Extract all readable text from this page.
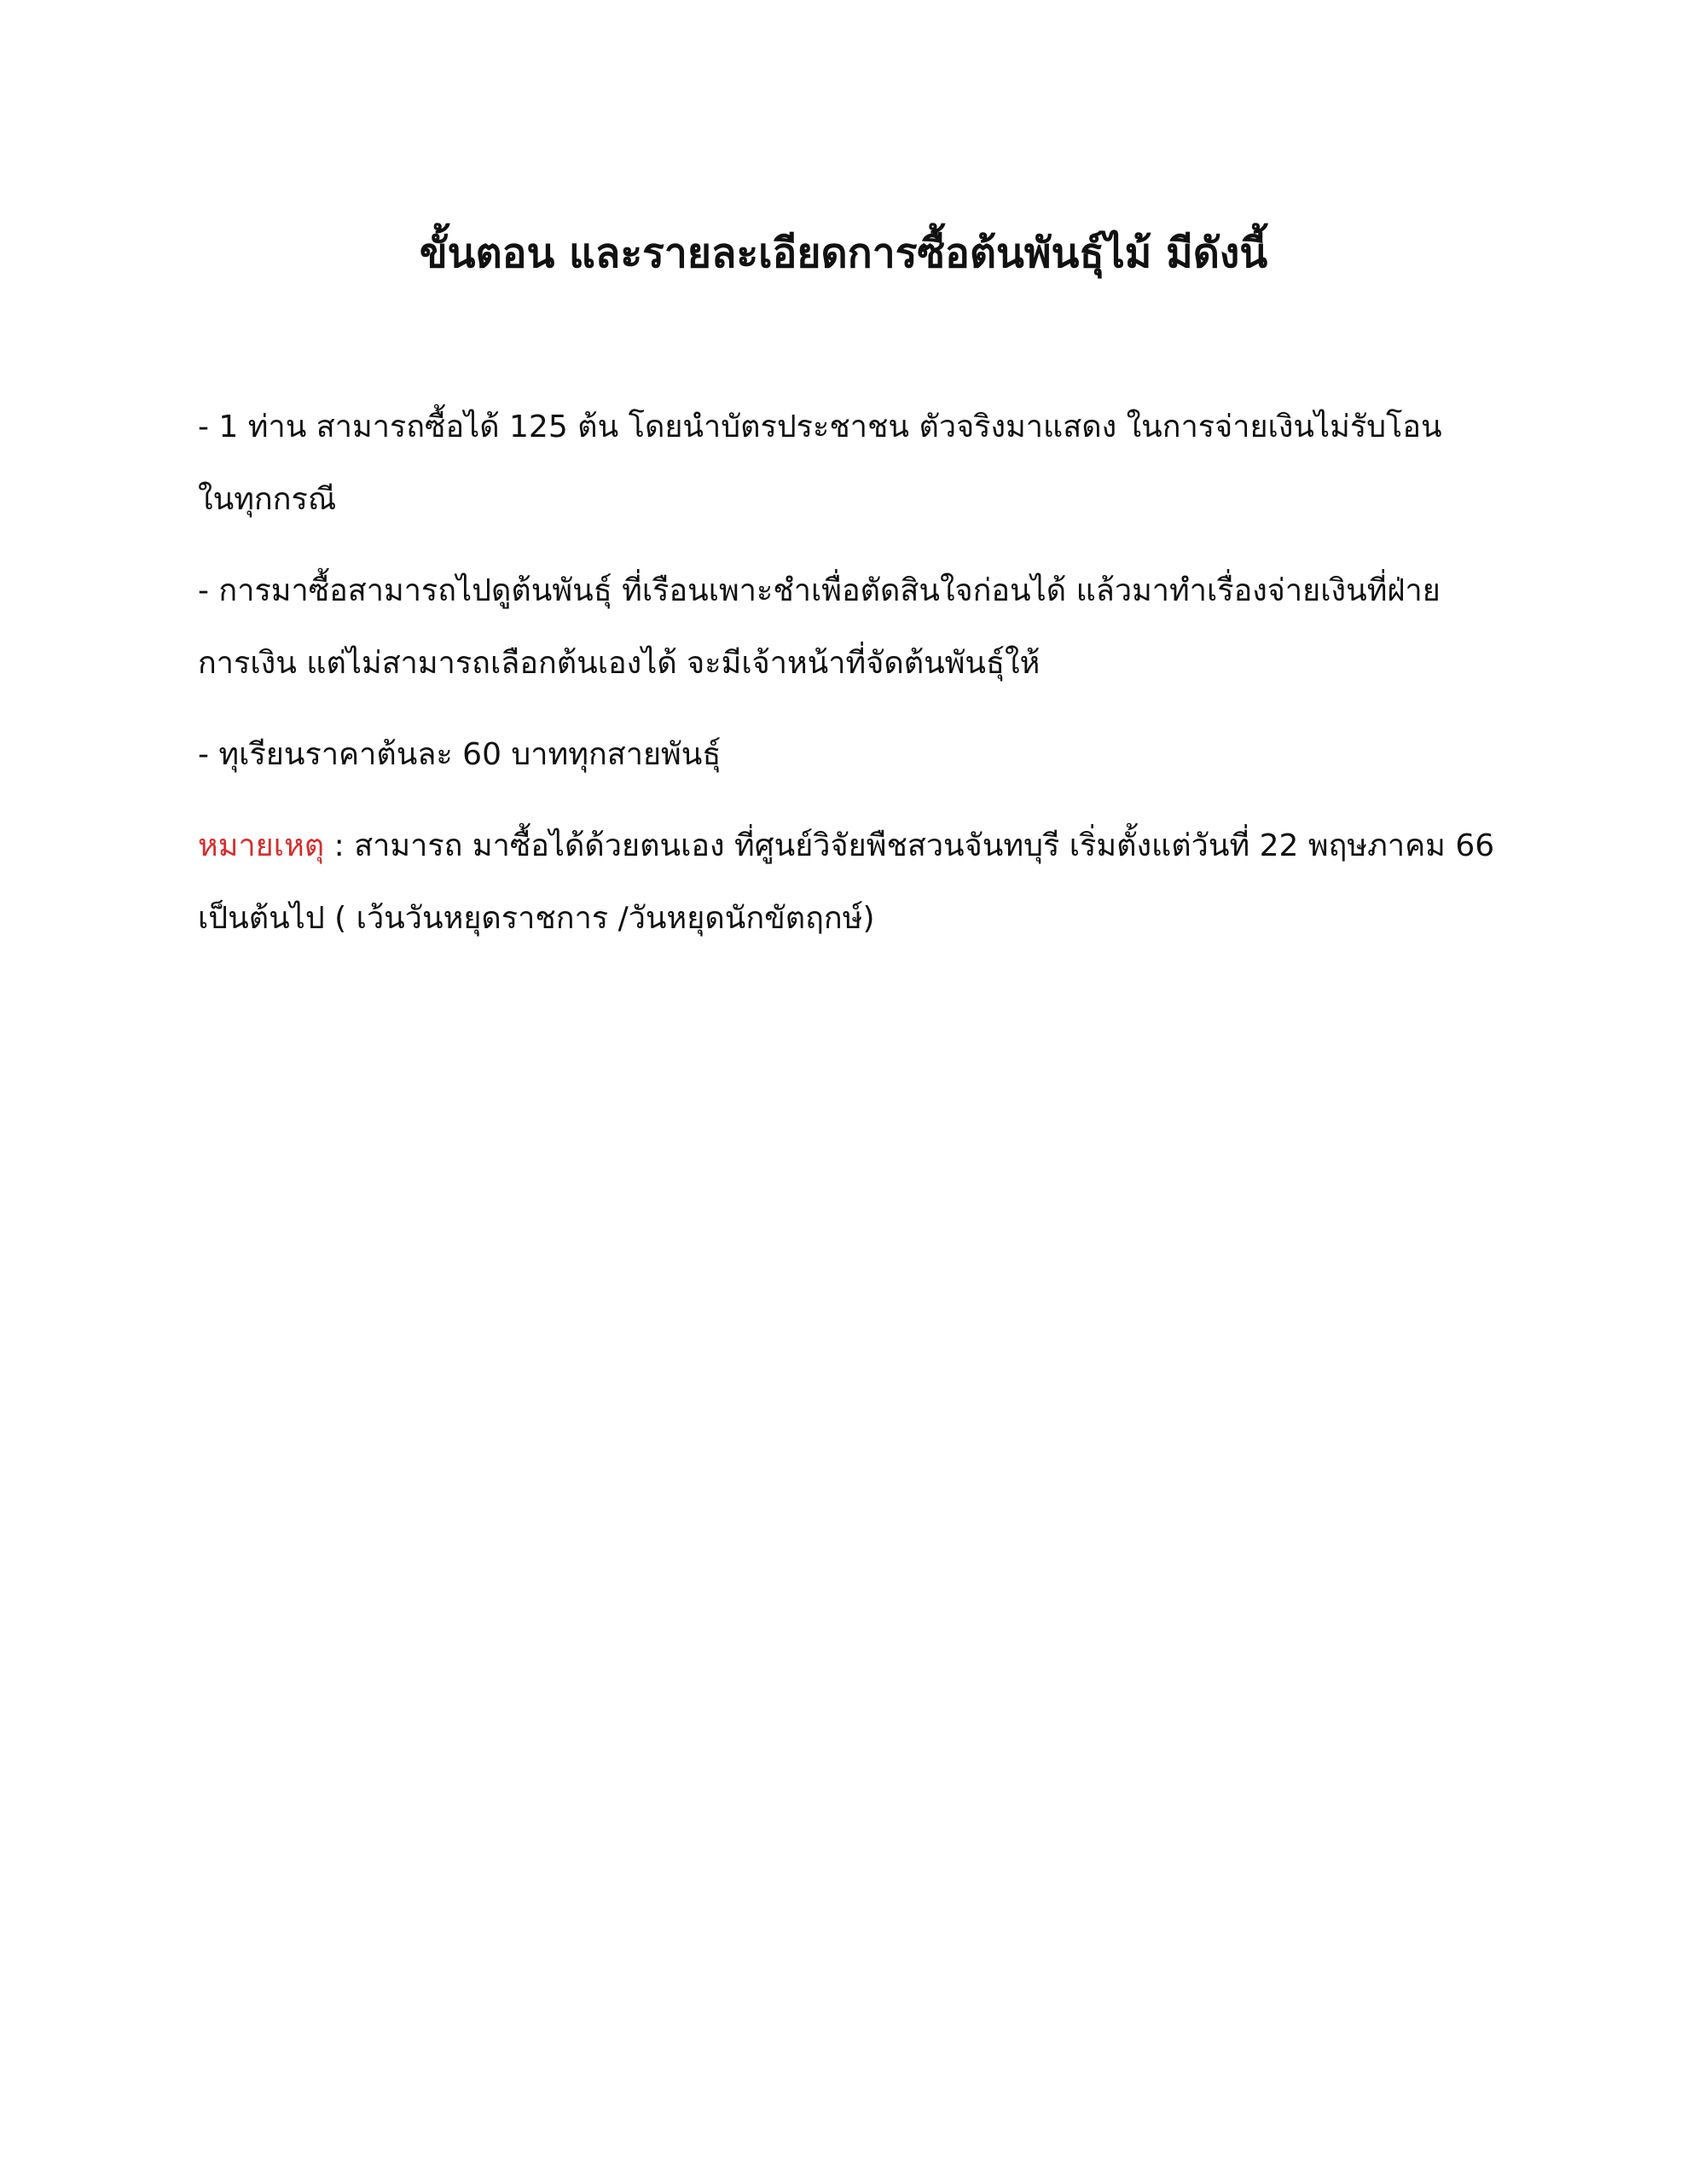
ขั้นตอน และรายละเอียดการซื้อต้นพันธุ์ไม้ มีดังนี้

- 1 ท่าน สามารถซื้อได้ 125 ต้น โดยนำบัตรประชาชน ตัวจริงมาแสดง ในการจ่ายเงินไม่รับโอน
ในทุกกรณี

- การมาซื้อสามารถไปดูต้นพันธุ์ ที่เรือนเพาะชำเพื่อตัดสินใจก่อนได้ แล้วมาทำเรื่องจ่ายเงินที่ฝ่าย
การเงิน แต่ไม่สามารถเลือกต้นเองได้ จะมีเจ้าหน้าที่จัดต้นพันธุ์ให้

- ทุเรียนราคาต้นละ 60 บาททุกสายพันธุ์

หมายเหตุ : สามารถ มาซื้อได้ด้วยตนเอง ที่ศูนย์วิจัยพืชสวนจันทบุรี เริ่มตั้งแต่วันที่ 22 พฤษภาคม 66
เป็นต้นไป ( เว้นวันหยุดราชการ /วันหยุดนักขัตฤกษ์)
